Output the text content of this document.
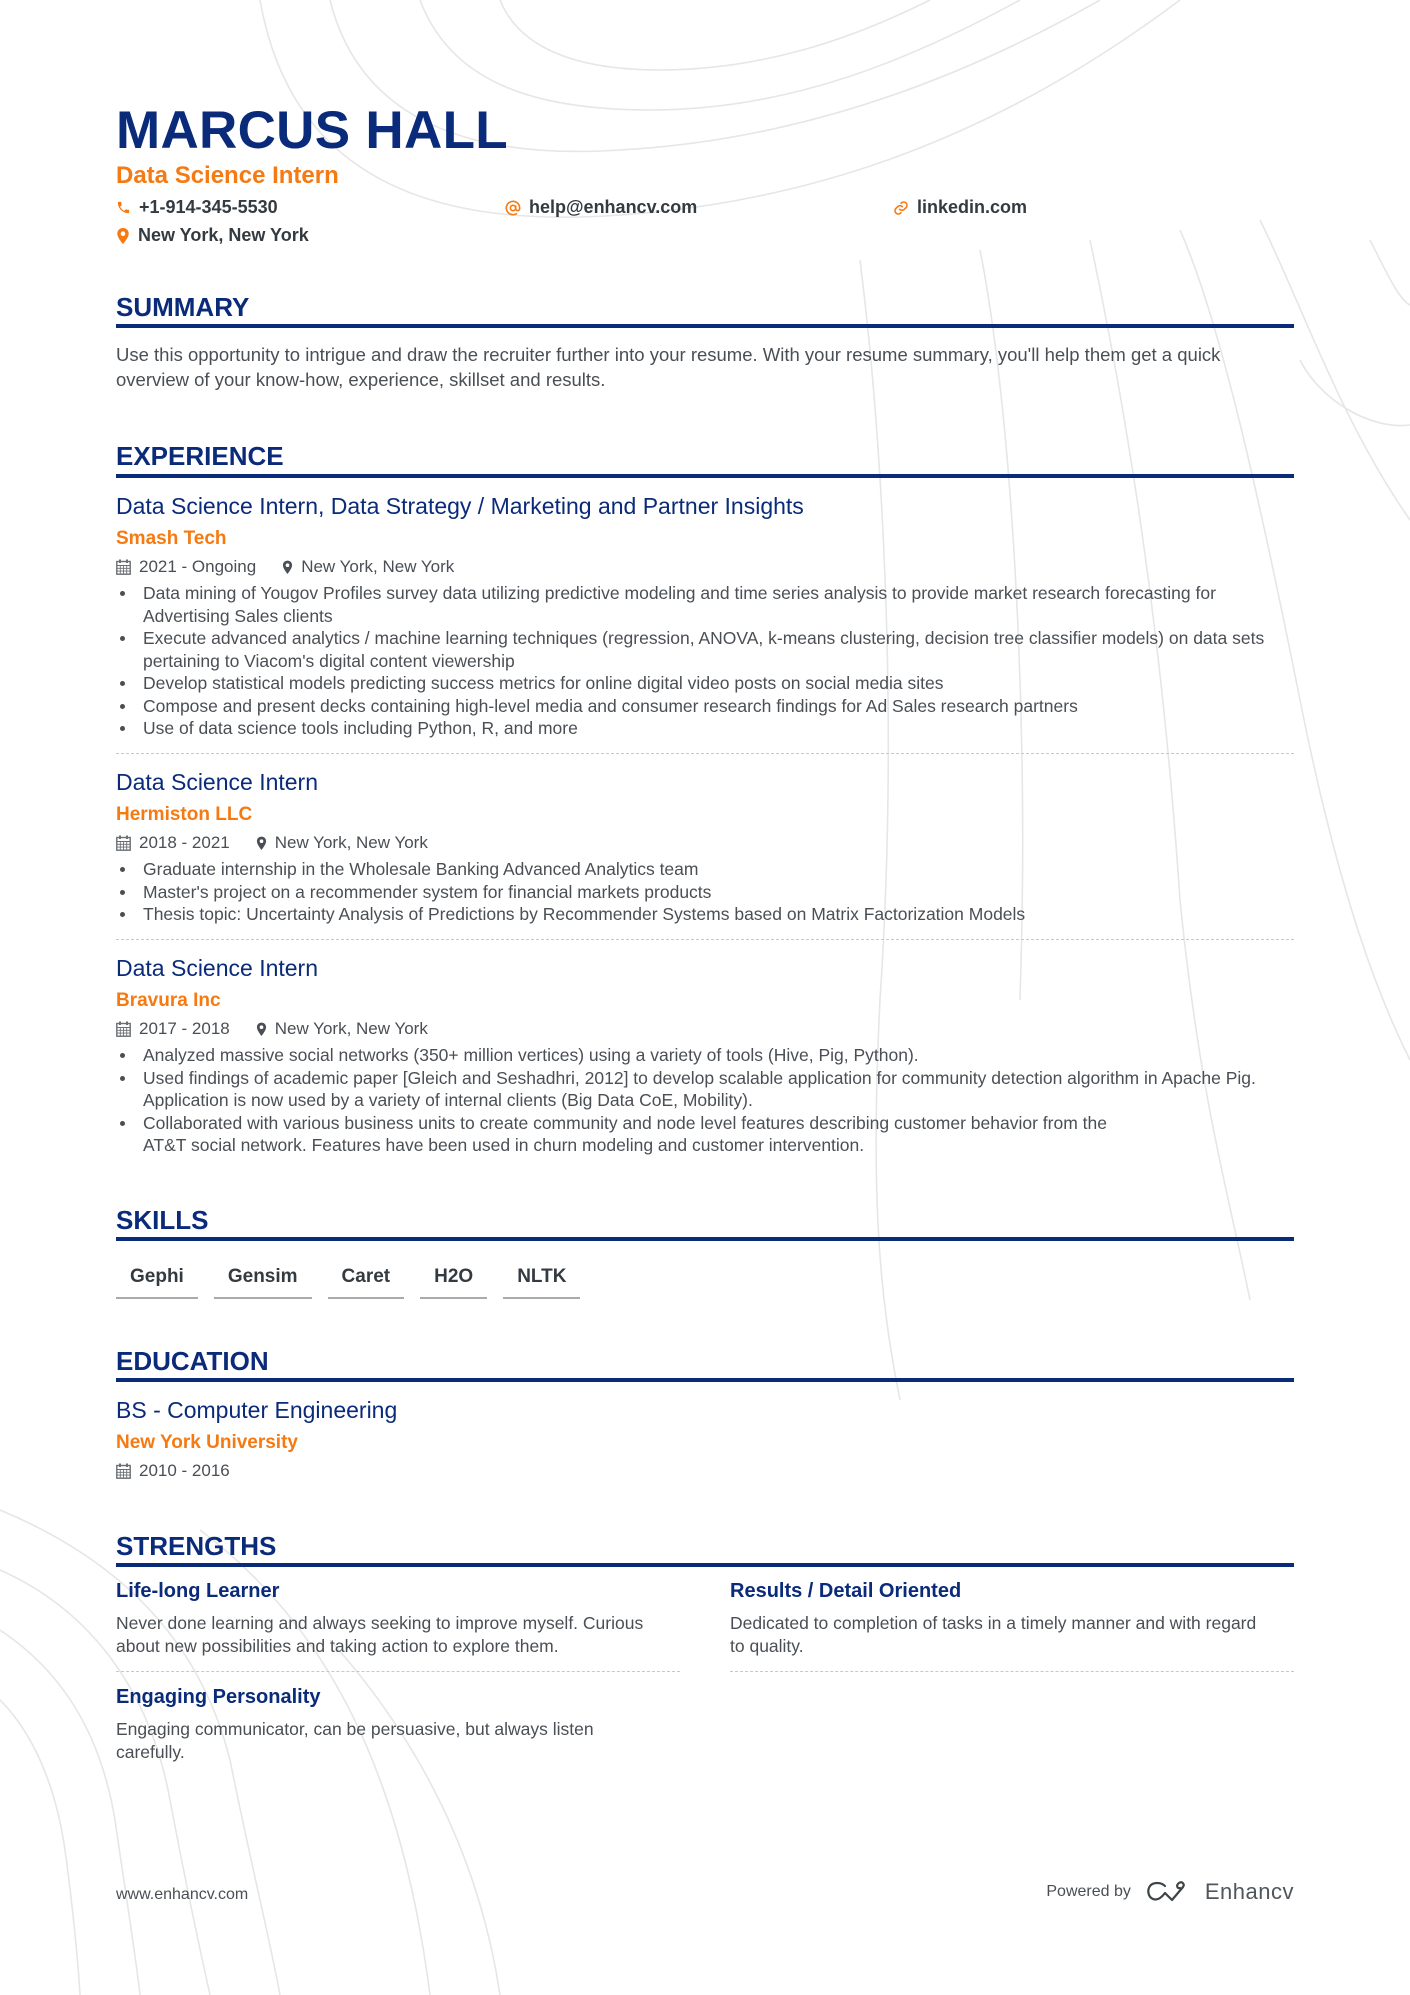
MARCUS HALL
Data Science Intern
+1-914-345-5530	help@enhancv.com	linkedin.com
New York, New York
SUMMARY
Use this opportunity to intrigue and draw the recruiter further into your resume. With your resume summary, you'll help them get a quick overview of your know-how, experience, skillset and results.
EXPERIENCE
Data Science Intern, Data Strategy / Marketing and Partner Insights
Smash Tech
2021 - Ongoing	New York, New York
Data mining of Yougov Profiles survey data utilizing predictive modeling and time series analysis to provide market research forecasting for Advertising Sales clients
Execute advanced analytics / machine learning techniques (regression, ANOVA, k-means clustering, decision tree classifier models) on data sets pertaining to Viacom's digital content viewership
Develop statistical models predicting success metrics for online digital video posts on social media sites
Compose and present decks containing high-level media and consumer research findings for Ad Sales research partners
Use of data science tools including Python, R, and more
Data Science Intern
Hermiston LLC
2018 - 2021	New York, New York
Graduate internship in the Wholesale Banking Advanced Analytics team
Master's project on a recommender system for financial markets products
Thesis topic: Uncertainty Analysis of Predictions by Recommender Systems based on Matrix Factorization Models
Data Science Intern
Bravura Inc
2017 - 2018	New York, New York
Analyzed massive social networks (350+ million vertices) using a variety of tools (Hive, Pig, Python).
Used findings of academic paper [Gleich and Seshadhri, 2012] to develop scalable application for community detection algorithm in Apache Pig. Application is now used by a variety of internal clients (Big Data CoE, Mobility).
Collaborated with various business units to create community and node level features describing customer behavior from the AT&T social network. Features have been used in churn modeling and customer intervention.
SKILLS
Gephi	Gensim	Caret	H2O	NLTK
EDUCATION
BS - Computer Engineering
New York University
2010 - 2016
STRENGTHS
Life-long Learner
Never done learning and always seeking to improve myself. Curious about new possibilities and taking action to explore them.
Results / Detail Oriented
Dedicated to completion of tasks in a timely manner and with regard to quality.
Engaging Personality
Engaging communicator, can be persuasive, but always listen carefully.
www.enhancv.com	Powered by	Enhancv
